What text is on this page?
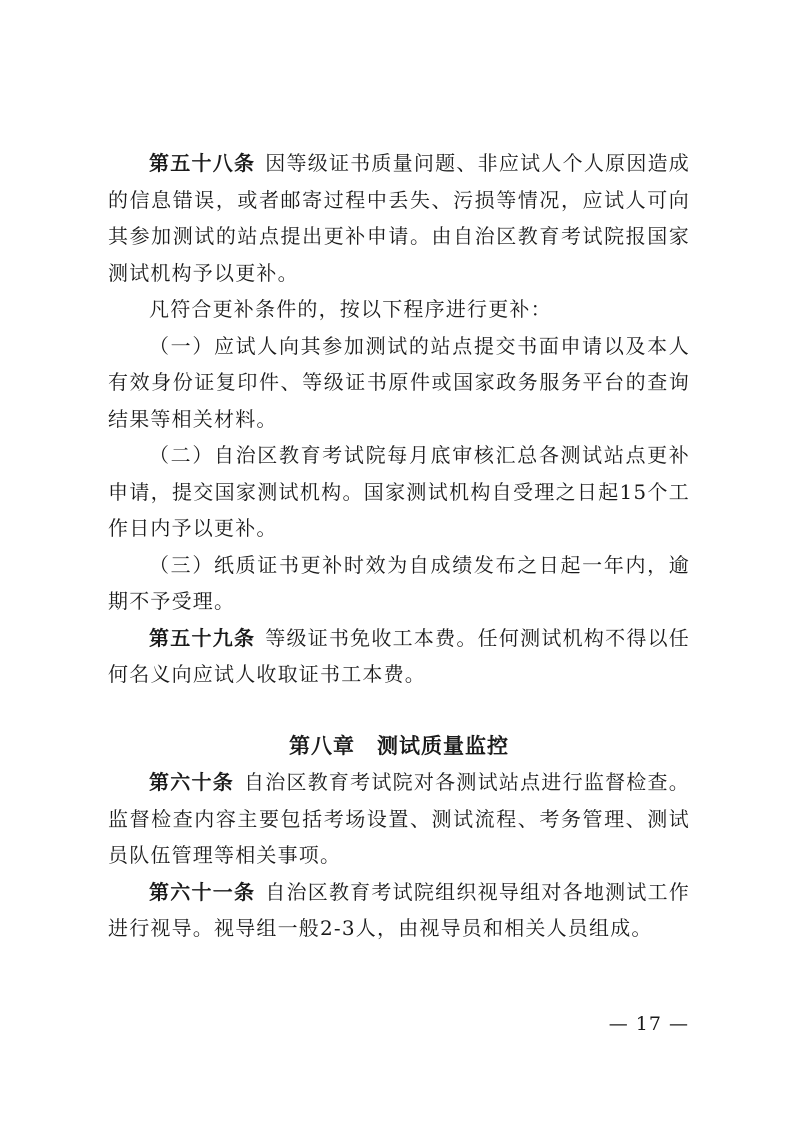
第五十八条 因等级证书质量问题、非应试人个人原因造成的信息错误，或者邮寄过程中丢失、污损等情况，应试人可向其参加测试的站点提出更补申请。由自治区教育考试院报国家测试机构予以更补。

凡符合更补条件的，按以下程序进行更补：

（一）应试人向其参加测试的站点提交书面申请以及本人有效身份证复印件、等级证书原件或国家政务服务平台的查询结果等相关材料。

（二）自治区教育考试院每月底审核汇总各测试站点更补申请，提交国家测试机构。国家测试机构自受理之日起15个工作日内予以更补。

（三）纸质证书更补时效为自成绩发布之日起一年内，逾期不予受理。

第五十九条 等级证书免收工本费。任何测试机构不得以任何名义向应试人收取证书工本费。

第八章　测试质量监控

第六十条 自治区教育考试院对各测试站点进行监督检查。监督检查内容主要包括考场设置、测试流程、考务管理、测试员队伍管理等相关事项。

第六十一条 自治区教育考试院组织视导组对各地测试工作进行视导。视导组一般2-3人，由视导员和相关人员组成。

— 17 —
